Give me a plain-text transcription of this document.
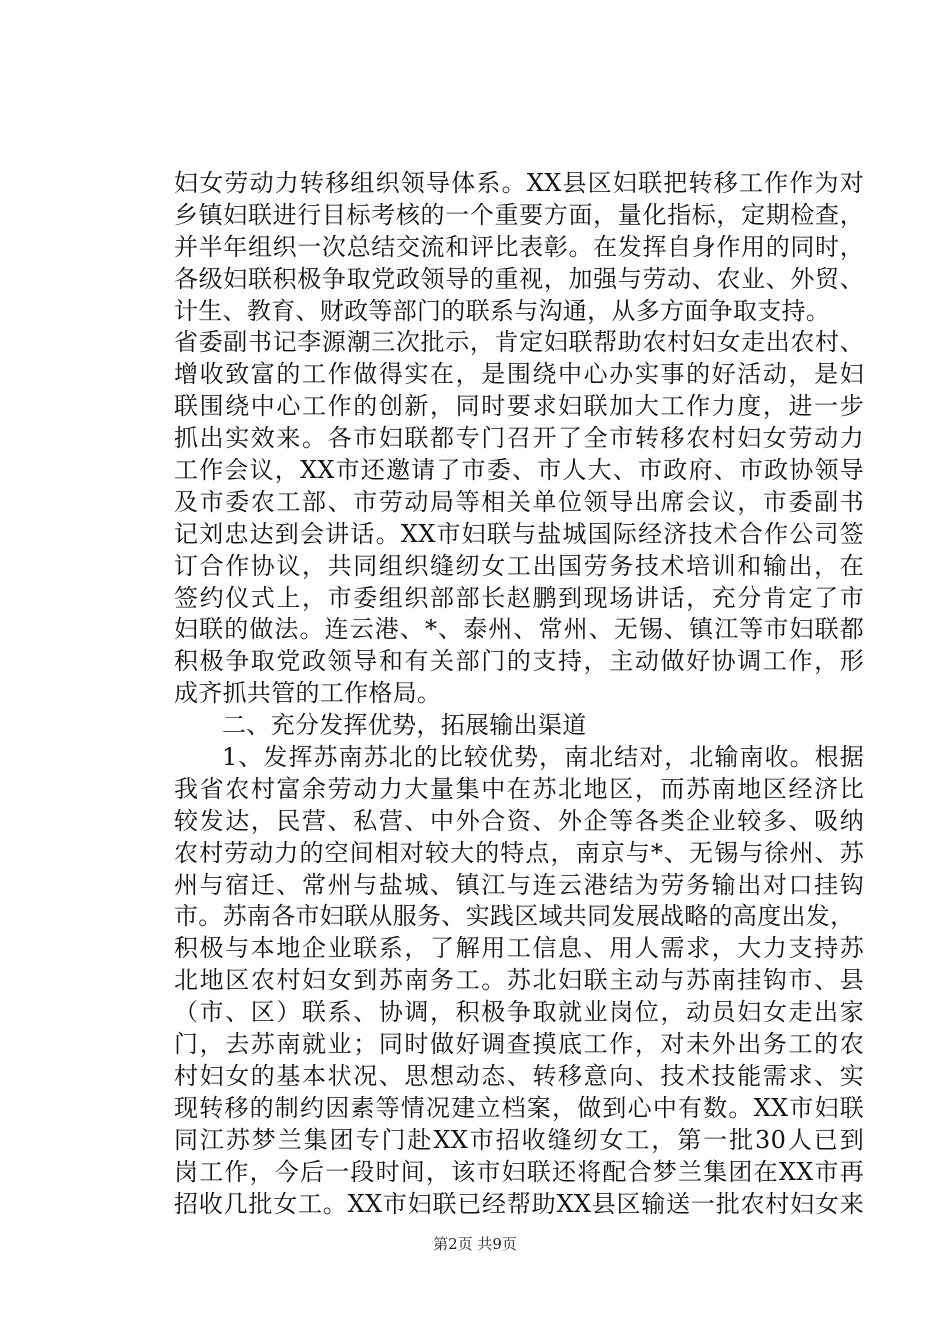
妇女劳动力转移组织领导体系。XX县区妇联把转移工作作为对
乡镇妇联进行目标考核的一个重要方面，量化指标，定期检查，
并半年组织一次总结交流和评比表彰。在发挥自身作用的同时，
各级妇联积极争取党政领导的重视，加强与劳动、农业、外贸、
计生、教育、财政等部门的联系与沟通，从多方面争取支持。
省委副书记李源潮三次批示，肯定妇联帮助农村妇女走出农村、
增收致富的工作做得实在，是围绕中心办实事的好活动，是妇
联围绕中心工作的创新，同时要求妇联加大工作力度，进一步
抓出实效来。各市妇联都专门召开了全市转移农村妇女劳动力
工作会议，XX市还邀请了市委、市人大、市政府、市政协领导
及市委农工部、市劳动局等相关单位领导出席会议，市委副书
记刘忠达到会讲话。XX市妇联与盐城国际经济技术合作公司签
订合作协议，共同组织缝纫女工出国劳务技术培训和输出，在
签约仪式上，市委组织部部长赵鹏到现场讲话，充分肯定了市
妇联的做法。连云港、*、泰州、常州、无锡、镇江等市妇联都
积极争取党政领导和有关部门的支持，主动做好协调工作，形
成齐抓共管的工作格局。
二、充分发挥优势，拓展输出渠道
1、发挥苏南苏北的比较优势，南北结对，北输南收。根据
我省农村富余劳动力大量集中在苏北地区，而苏南地区经济比
较发达，民营、私营、中外合资、外企等各类企业较多、吸纳
农村劳动力的空间相对较大的特点，南京与*、无锡与徐州、苏
州与宿迁、常州与盐城、镇江与连云港结为劳务输出对口挂钩
市。苏南各市妇联从服务、实践区域共同发展战略的高度出发，
积极与本地企业联系，了解用工信息、用人需求，大力支持苏
北地区农村妇女到苏南务工。苏北妇联主动与苏南挂钩市、县
（市、区）联系、协调，积极争取就业岗位，动员妇女走出家
门，去苏南就业；同时做好调查摸底工作，对未外出务工的农
村妇女的基本状况、思想动态、转移意向、技术技能需求、实
现转移的制约因素等情况建立档案，做到心中有数。XX市妇联
同江苏梦兰集团专门赴XX市招收缝纫女工，第一批30人已到
岗工作，今后一段时间，该市妇联还将配合梦兰集团在XX市再
招收几批女工。XX市妇联已经帮助XX县区输送一批农村妇女来
第2页 共9页
